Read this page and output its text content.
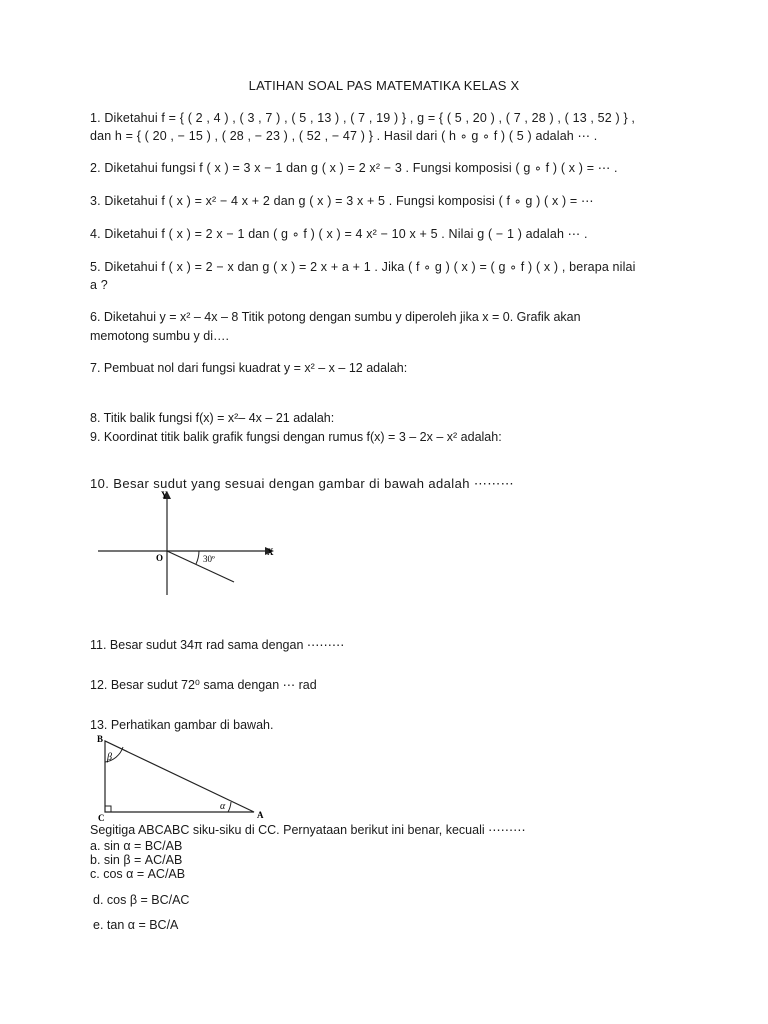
LATIHAN SOAL PAS MATEMATIKA KELAS X
1. Diketahui f = { ( 2 , 4 ) , ( 3 , 7 ) , ( 5 , 13 ) , ( 7 , 19 ) } , g = { ( 5 , 20 ) , ( 7 , 28 ) , ( 13 , 52 ) } ,
dan h = { ( 20 , − 15 ) , ( 28 , − 23 ) , ( 52 , − 47 ) } . Hasil dari ( h ∘ g ∘ f ) ( 5 ) adalah ⋯ .
2. Diketahui fungsi f ( x ) = 3 x − 1 dan g ( x ) = 2 x² − 3 . Fungsi komposisi ( g ∘ f ) ( x ) = ⋯ .
3. Diketahui f ( x ) = x² − 4 x + 2 dan g ( x ) = 3 x + 5 . Fungsi komposisi ( f ∘ g ) ( x ) = ⋯
4. Diketahui f ( x ) = 2 x − 1 dan ( g ∘ f ) ( x ) = 4 x² − 10 x + 5 . Nilai g ( − 1 ) adalah ⋯ .
5. Diketahui f ( x ) = 2 − x dan g ( x ) = 2 x + a + 1 . Jika ( f ∘ g ) ( x ) = ( g ∘ f ) ( x ) , berapa nilai
a ?
6. Diketahui y = x² – 4x – 8 Titik potong dengan sumbu y diperoleh jika x = 0. Grafik akan
memotong sumbu y di….
7. Pembuat nol dari fungsi kuadrat y = x² – x – 12 adalah:
8. Titik balik fungsi f(x) = x²– 4x – 21 adalah:
9. Koordinat titik balik grafik fungsi dengan rumus f(x) = 3 – 2x – x² adalah:
10. Besar sudut yang sesuai dengan gambar di bawah adalah ⋯⋯⋯
Y
X
O	30º
11. Besar sudut 34π rad sama dengan ⋯⋯⋯
12. Besar sudut 72⁰ sama dengan ⋯ rad
13. Perhatikan gambar di bawah.
B
C	A
β
α
Segitiga ABCABC siku-siku di CC. Pernyataan berikut ini benar, kecuali ⋯⋯⋯
a. sin α = BC/AB
b. sin β = AC/AB
c. cos α = AC/AB
d. cos β = BC/AC
e. tan α = BC/A
